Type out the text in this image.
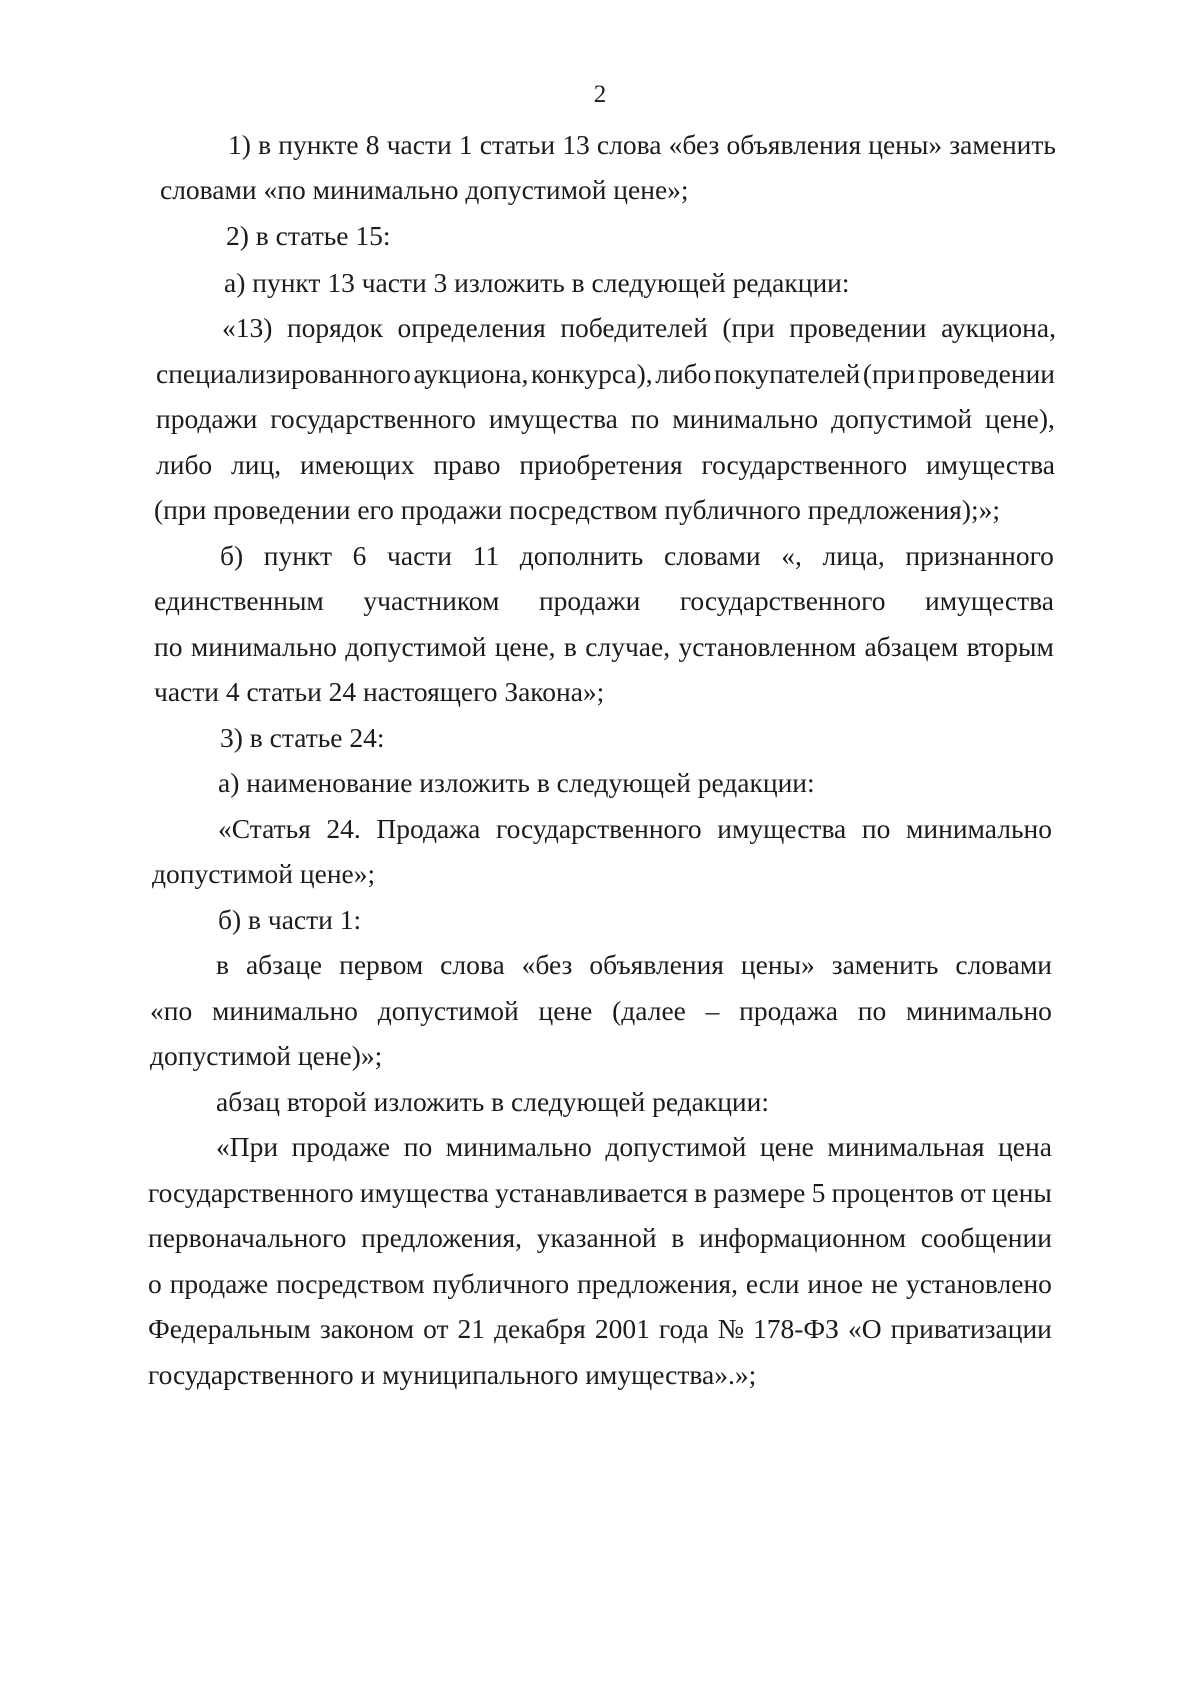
2
1) в пункте 8 части 1 статьи 13 слова «без объявления цены» заменить
словами «по минимально допустимой цене»;
2) в статье 15:
а) пункт 13 части 3 изложить в следующей редакции:
«13) порядок определения победителей (при проведении аукциона,
специализированного аукциона, конкурса), либо покупателей (при проведении
продажи государственного имущества по минимально допустимой цене),
либо лиц, имеющих право приобретения государственного имущества
(при проведении его продажи посредством публичного предложения);»;
б) пункт 6 части 11 дополнить словами «, лица, признанного
единственным участником продажи государственного имущества
по минимально допустимой цене, в случае, установленном абзацем вторым
части 4 статьи 24 настоящего Закона»;
3) в статье 24:
а) наименование изложить в следующей редакции:
«Статья 24. Продажа государственного имущества по минимально
допустимой цене»;
б) в части 1:
в абзаце первом слова «без объявления цены» заменить словами
«по минимально допустимой цене (далее – продажа по минимально
допустимой цене)»;
абзац второй изложить в следующей редакции:
«При продаже по минимально допустимой цене минимальная цена
государственного имущества устанавливается в размере 5 процентов от цены
первоначального предложения, указанной в информационном сообщении
о продаже посредством публичного предложения, если иное не установлено
Федеральным законом от 21 декабря 2001 года № 178-ФЗ «О приватизации
государственного и муниципального имущества».»;
